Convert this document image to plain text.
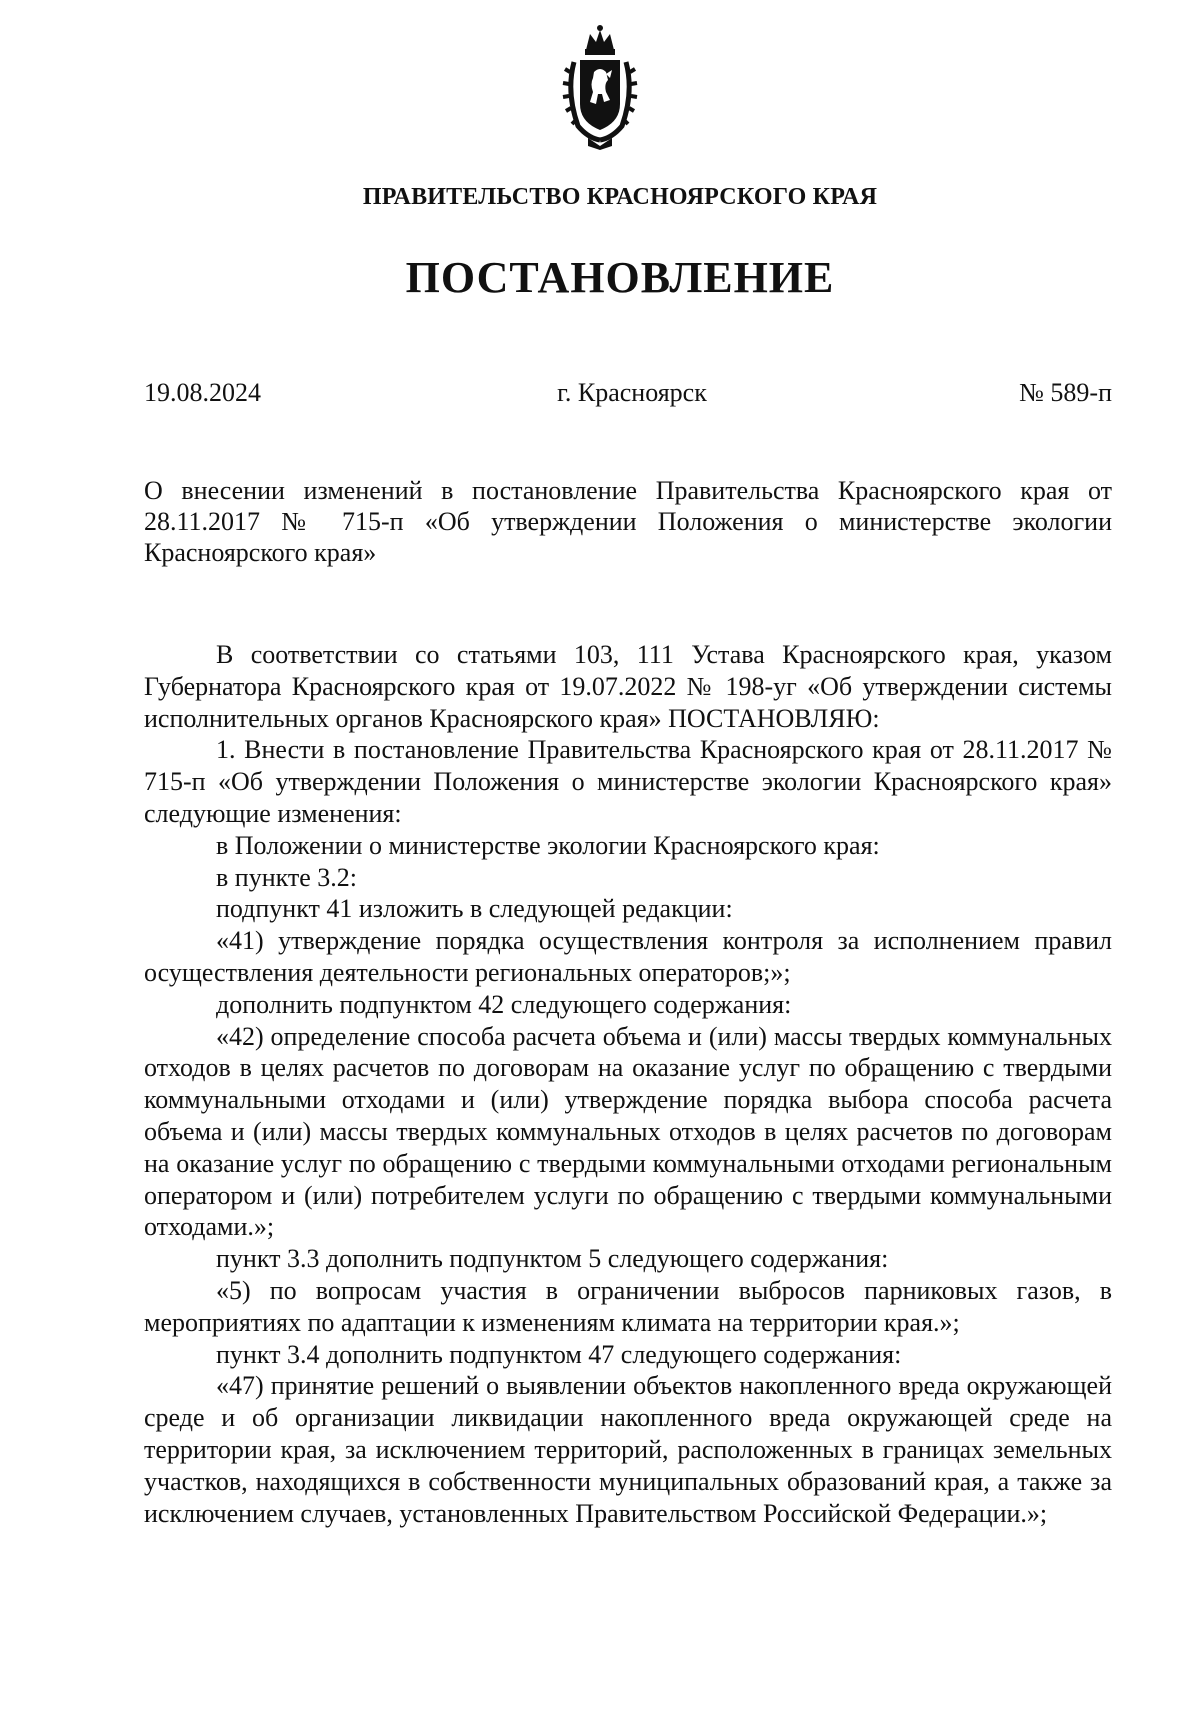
ПРАВИТЕЛЬСТВО КРАСНОЯРСКОГО КРАЯ
ПОСТАНОВЛЕНИЕ
19.08.2024	г. Красноярск	№ 589-п

О внесении изменений в постановление Правительства Красноярского края от 28.11.2017 № 715-п «Об утверждении Положения о министерстве экологии Красноярского края»

В соответствии со статьями 103, 111 Устава Красноярского края, указом Губернатора Красноярского края от 19.07.2022 № 198-уг «Об утверждении системы исполнительных органов Красноярского края» ПОСТАНОВЛЯЮ:

1. Внести в постановление Правительства Красноярского края от 28.11.2017 № 715-п «Об утверждении Положения о министерстве экологии Красноярского края» следующие изменения:

в Положении о министерстве экологии Красноярского края:

в пункте 3.2:

подпункт 41 изложить в следующей редакции:

«41) утверждение порядка осуществления контроля за исполнением правил осуществления деятельности региональных операторов;»;

дополнить подпунктом 42 следующего содержания:

«42) определение способа расчета объема и (или) массы твердых коммунальных отходов в целях расчетов по договорам на оказание услуг по обращению с твердыми коммунальными отходами и (или) утверждение порядка выбора способа расчета объема и (или) массы твердых коммунальных отходов в целях расчетов по договорам на оказание услуг по обращению с твердыми коммунальными отходами региональным оператором и (или) потребителем услуги по обращению с твердыми коммунальными отходами.»;

пункт 3.3 дополнить подпунктом 5 следующего содержания:

«5) по вопросам участия в ограничении выбросов парниковых газов, в мероприятиях по адаптации к изменениям климата на территории края.»;

пункт 3.4 дополнить подпунктом 47 следующего содержания:

«47) принятие решений о выявлении объектов накопленного вреда окружающей среде и об организации ликвидации накопленного вреда окружающей среде на территории края, за исключением территорий, расположенных в границах земельных участков, находящихся в собственности муниципальных образований края, а также за исключением случаев, установленных Правительством Российской Федерации.»;
